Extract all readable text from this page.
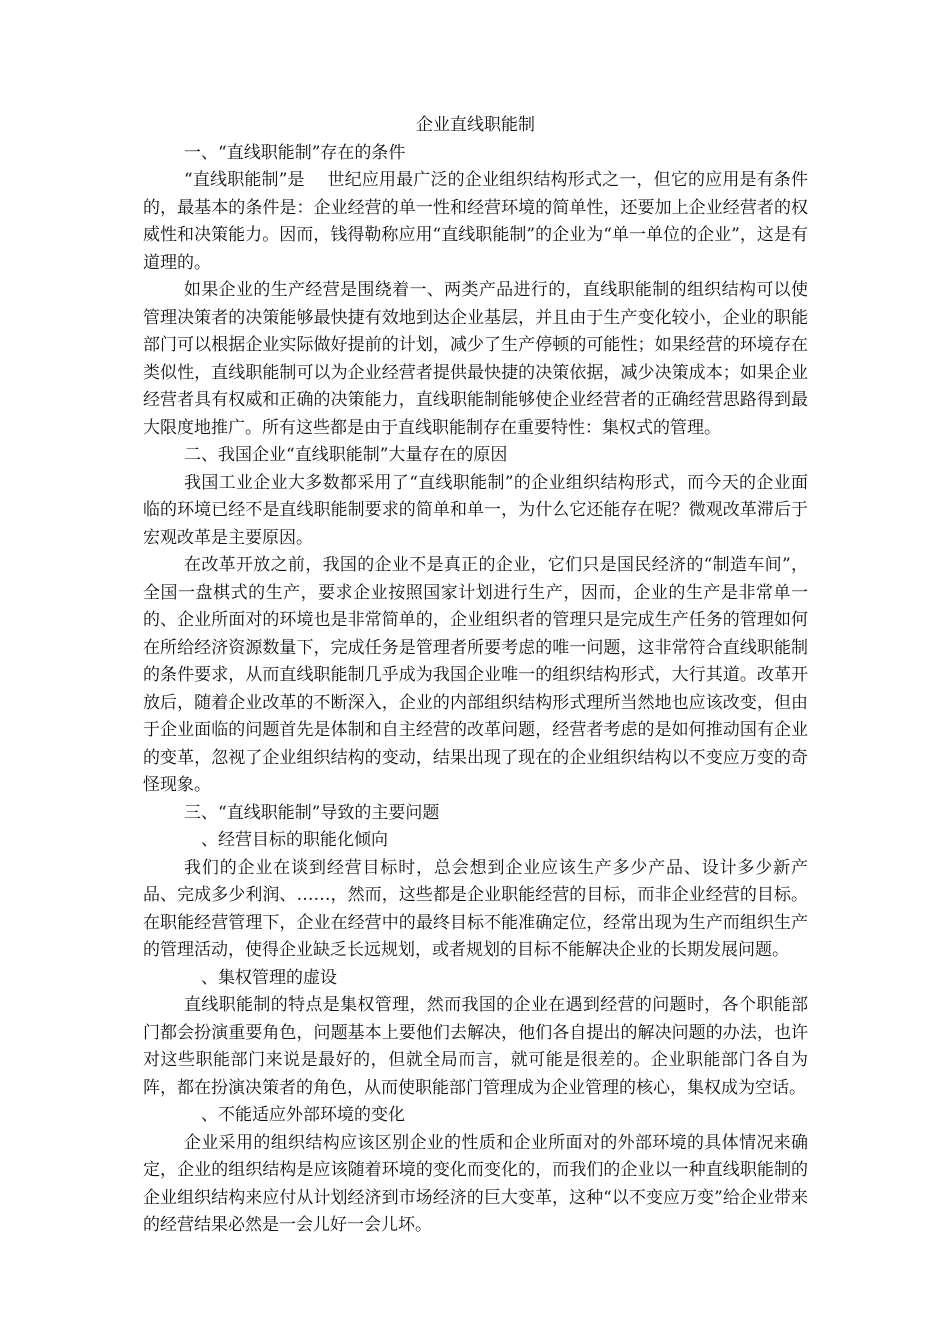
企业直线职能制
一、“直线职能制”存在的条件

“直线职能制”是　 世纪应用最广泛的企业组织结构形式之一，但它的应用是有条件的，最基本的条件是：企业经营的单一性和经营环境的简单性，还要加上企业经营者的权威性和决策能力。因而，钱得勒称应用“直线职能制”的企业为“单一单位的企业”，这是有道理的。

如果企业的生产经营是围绕着一、两类产品进行的，直线职能制的组织结构可以使管理决策者的决策能够最快捷有效地到达企业基层，并且由于生产变化较小，企业的职能部门可以根据企业实际做好提前的计划，减少了生产停顿的可能性；如果经营的环境存在类似性，直线职能制可以为企业经营者提供最快捷的决策依据，减少决策成本；如果企业经营者具有权威和正确的决策能力，直线职能制能够使企业经营者的正确经营思路得到最大限度地推广。所有这些都是由于直线职能制存在重要特性：集权式的管理。

二、我国企业“直线职能制”大量存在的原因

我国工业企业大多数都采用了“直线职能制”的企业组织结构形式，而今天的企业面临的环境已经不是直线职能制要求的简单和单一，为什么它还能存在呢？微观改革滞后于宏观改革是主要原因。

在改革开放之前，我国的企业不是真正的企业，它们只是国民经济的“制造车间”，全国一盘棋式的生产，要求企业按照国家计划进行生产，因而，企业的生产是非常单一的、企业所面对的环境也是非常简单的，企业组织者的管理只是完成生产任务的管理如何在所给经济资源数量下，完成任务是管理者所要考虑的唯一问题，这非常符合直线职能制的条件要求，从而直线职能制几乎成为我国企业唯一的组织结构形式，大行其道。改革开放后，随着企业改革的不断深入，企业的内部组织结构形式理所当然地也应该改变，但由于企业面临的问题首先是体制和自主经营的改革问题，经营者考虑的是如何推动国有企业的变革，忽视了企业组织结构的变动，结果出现了现在的企业组织结构以不变应万变的奇怪现象。

三、“直线职能制”导致的主要问题
　、经营目标的职能化倾向

我们的企业在谈到经营目标时，总会想到企业应该生产多少产品、设计多少新产品、完成多少利润、……，然而，这些都是企业职能经营的目标，而非企业经营的目标。在职能经营管理下，企业在经营中的最终目标不能准确定位，经常出现为生产而组织生产的管理活动，使得企业缺乏长远规划，或者规划的目标不能解决企业的长期发展问题。

　、集权管理的虚设

直线职能制的特点是集权管理，然而我国的企业在遇到经营的问题时，各个职能部门都会扮演重要角色，问题基本上要他们去解决，他们各自提出的解决问题的办法，也许对这些职能部门来说是最好的，但就全局而言，就可能是很差的。企业职能部门各自为阵，都在扮演决策者的角色，从而使职能部门管理成为企业管理的核心，集权成为空话。

　、不能适应外部环境的变化

企业采用的组织结构应该区别企业的性质和企业所面对的外部环境的具体情况来确定，企业的组织结构是应该随着环境的变化而变化的，而我们的企业以一种直线职能制的企业组织结构来应付从计划经济到市场经济的巨大变革，这种“以不变应万变”给企业带来的经营结果必然是一会儿好一会儿坏。
